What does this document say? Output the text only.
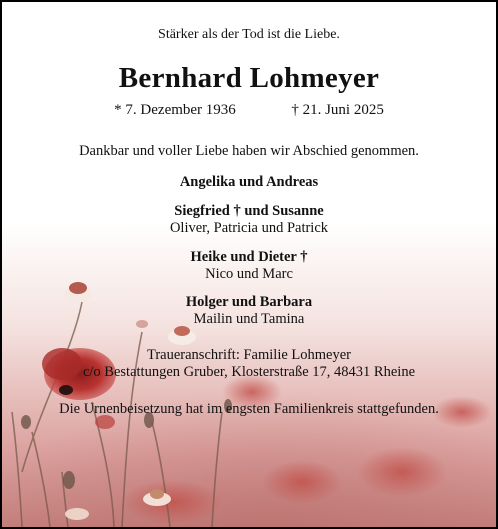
Stärker als der Tod ist die Liebe.
Bernhard Lohmeyer
* 7. Dezember 1936	† 21. Juni 2025
Dankbar und voller Liebe haben wir Abschied genommen.
Angelika und Andreas
Siegfried † und Susanne
Oliver, Patricia und Patrick
Heike und Dieter †
Nico und Marc
Holger und Barbara
Mailin und Tamina
Traueranschrift: Familie Lohmeyer
c/o Bestattungen Gruber, Klosterstraße 17, 48431 Rheine
Die Urnenbeisetzung hat im engsten Familienkreis stattgefunden.
